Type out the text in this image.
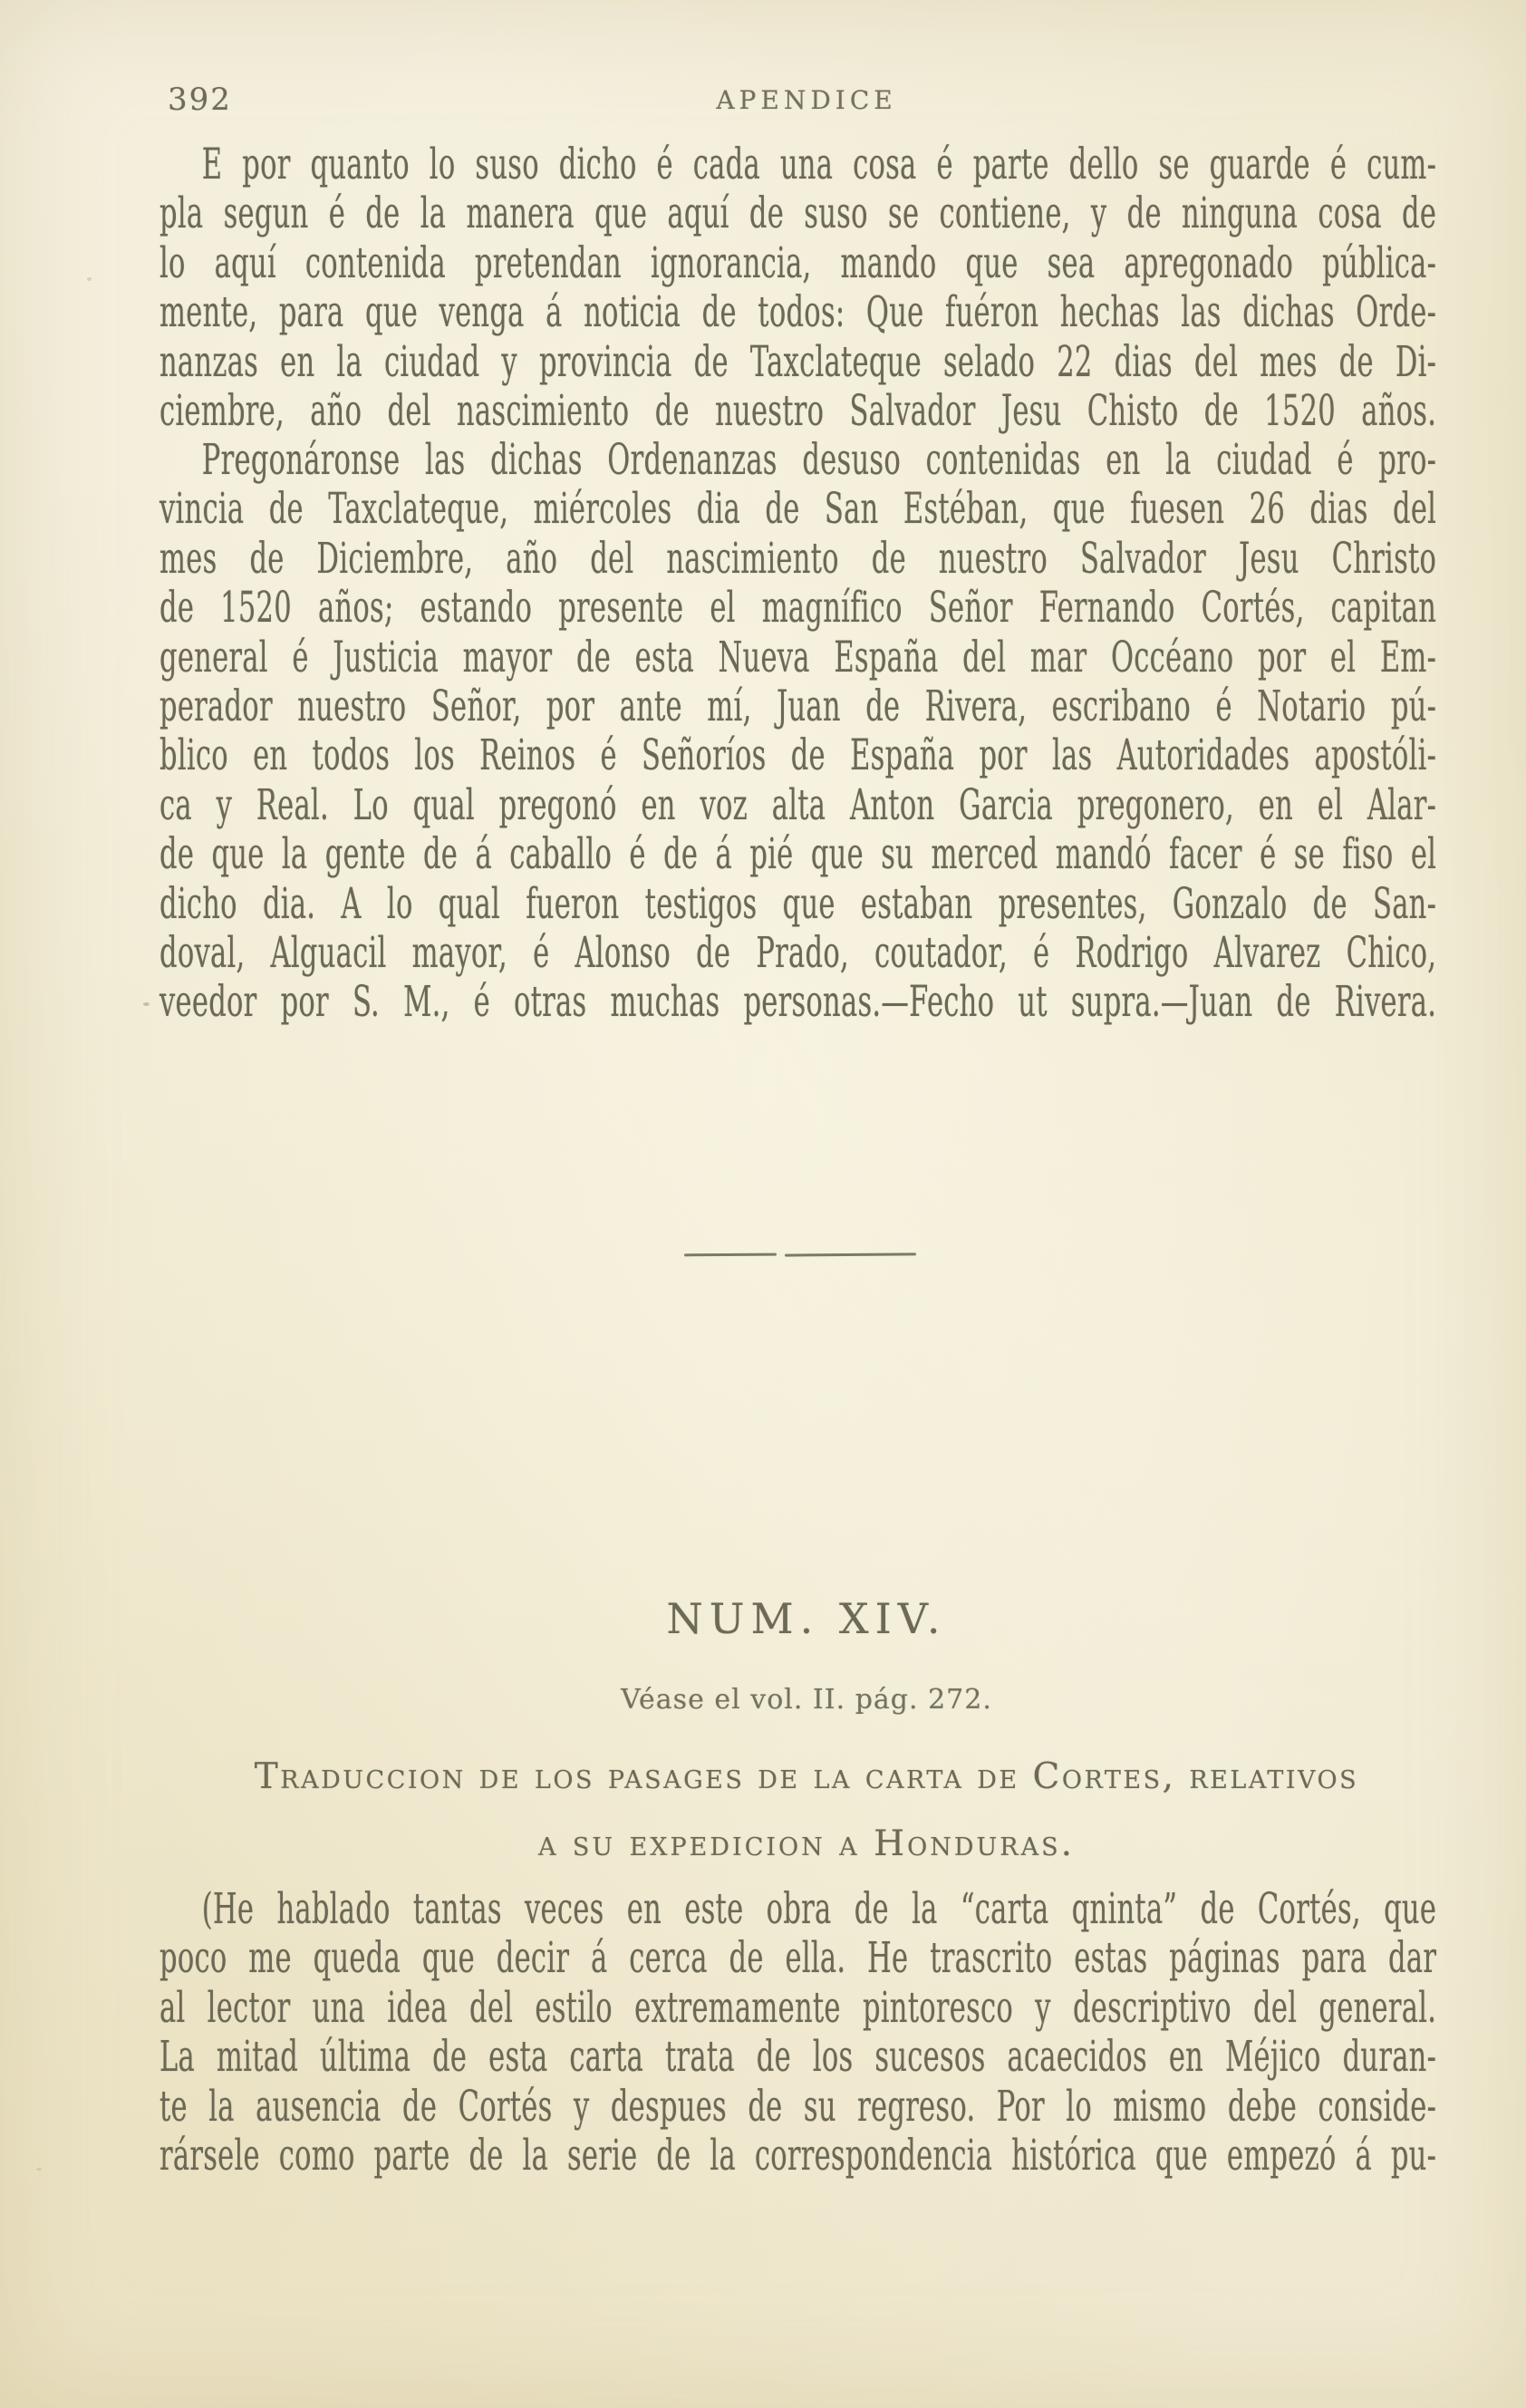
392	APENDICE
E por quanto lo suso dicho é cada una cosa é parte dello se guarde é cum-
pla segun é de la manera que aquí de suso se contiene, y de ninguna cosa de
lo aquí contenida pretendan ignorancia, mando que sea apregonado pública-
mente, para que venga á noticia de todos: Que fuéron hechas las dichas Orde-
nanzas en la ciudad y provincia de Taxclateque selado 22 dias del mes de Di-
ciembre, año del nascimiento de nuestro Salvador Jesu Chisto de 1520 años.
Pregonáronse las dichas Ordenanzas desuso contenidas en la ciudad é pro-
vincia de Taxclateque, miércoles dia de San Estéban, que fuesen 26 dias del
mes de Diciembre, año del nascimiento de nuestro Salvador Jesu Christo
de 1520 años; estando presente el magnífico Señor Fernando Cortés, capitan
general é Justicia mayor de esta Nueva España del mar Occéano por el Em-
perador nuestro Señor, por ante mí, Juan de Rivera, escribano é Notario pú-
blico en todos los Reinos é Señoríos de España por las Autoridades apostóli-
ca y Real. Lo qual pregonó en voz alta Anton Garcia pregonero, en el Alar-
de que la gente de á caballo é de á pié que su merced mandó facer é se fiso el
dicho dia. A lo qual fueron testigos que estaban presentes, Gonzalo de San-
doval, Alguacil mayor, é Alonso de Prado, coutador, é Rodrigo Alvarez Chico,
veedor por S. M., é otras muchas personas.—Fecho ut supra.—Juan de Rivera.
NUM. XIV.
Véase el vol. II. pág. 272.
Traduccion de los pasages de la carta de Cortes, relativos
a su expedicion a Honduras.
(He hablado tantas veces en este obra de la “carta qninta” de Cortés, que
poco me queda que decir á cerca de ella. He trascrito estas páginas para dar
al lector una idea del estilo extremamente pintoresco y descriptivo del general.
La mitad última de esta carta trata de los sucesos acaecidos en Méjico duran-
te la ausencia de Cortés y despues de su regreso. Por lo mismo debe conside-
rársele como parte de la serie de la correspondencia histórica que empezó á pu-
